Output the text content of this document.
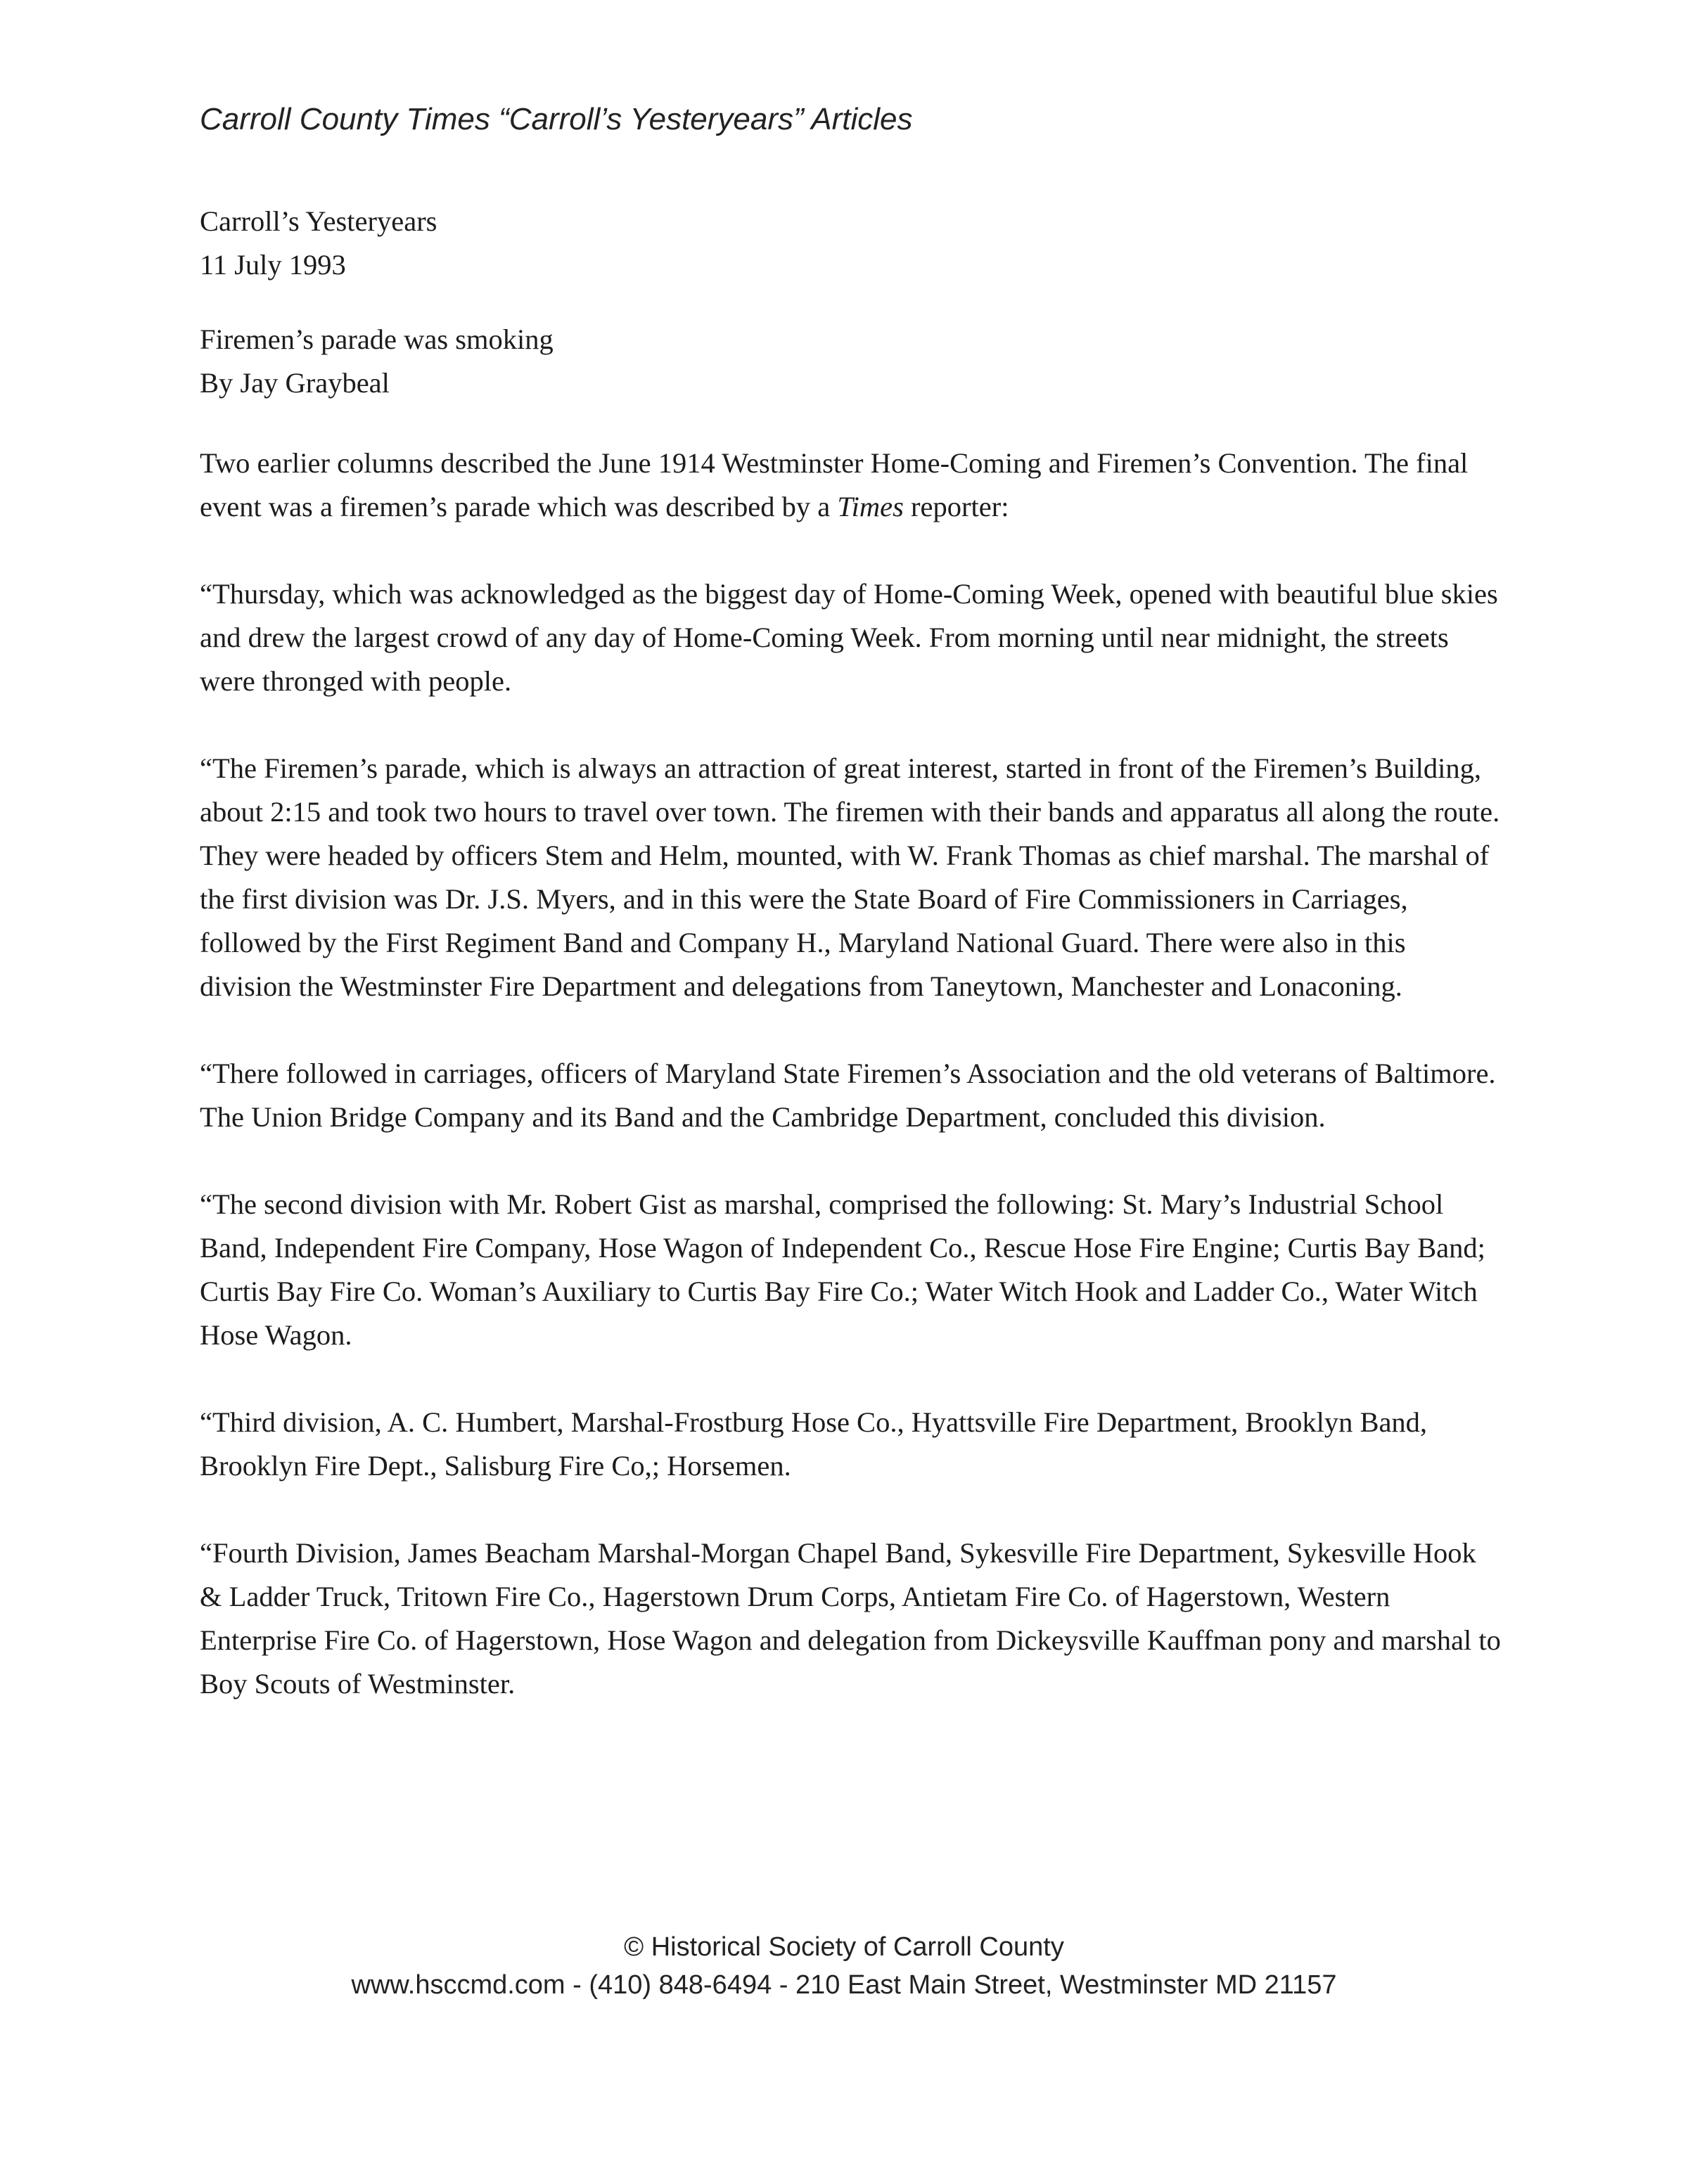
Carroll County Times “Carroll’s Yesteryears” Articles
Carroll’s Yesteryears
11 July 1993
Firemen’s parade was smoking
By Jay Graybeal

Two earlier columns described the June 1914 Westminster Home-Coming and Firemen’s Convention. The final event was a firemen’s parade which was described by a Times reporter:

“Thursday, which was acknowledged as the biggest day of Home-Coming Week, opened with beautiful blue skies and drew the largest crowd of any day of Home-Coming Week. From morning until near midnight, the streets were thronged with people.

“The Firemen’s parade, which is always an attraction of great interest, started in front of the Firemen’s Building, about 2:15 and took two hours to travel over town. The firemen with their bands and apparatus all along the route. They were headed by officers Stem and Helm, mounted, with W. Frank Thomas as chief marshal. The marshal of the first division was Dr. J.S. Myers, and in this were the State Board of Fire Commissioners in Carriages, followed by the First Regiment Band and Company H., Maryland National Guard. There were also in this division the Westminster Fire Department and delegations from Taneytown, Manchester and Lonaconing.

“There followed in carriages, officers of Maryland State Firemen’s Association and the old veterans of Baltimore. The Union Bridge Company and its Band and the Cambridge Department, concluded this division.

“The second division with Mr. Robert Gist as marshal, comprised the following: St. Mary’s Industrial School Band, Independent Fire Company, Hose Wagon of Independent Co., Rescue Hose Fire Engine; Curtis Bay Band; Curtis Bay Fire Co. Woman’s Auxiliary to Curtis Bay Fire Co.; Water Witch Hook and Ladder Co., Water Witch Hose Wagon.

“Third division, A. C. Humbert, Marshal-Frostburg Hose Co., Hyattsville Fire Department, Brooklyn Band, Brooklyn Fire Dept., Salisburg Fire Co,; Horsemen.

“Fourth Division, James Beacham Marshal-Morgan Chapel Band, Sykesville Fire Department, Sykesville Hook & Ladder Truck, Tritown Fire Co., Hagerstown Drum Corps, Antietam Fire Co. of Hagerstown, Western Enterprise Fire Co. of Hagerstown, Hose Wagon and delegation from Dickeysville Kauffman pony and marshal to Boy Scouts of Westminster.

© Historical Society of Carroll County
www.hsccmd.com - (410) 848-6494 - 210 East Main Street, Westminster MD 21157
